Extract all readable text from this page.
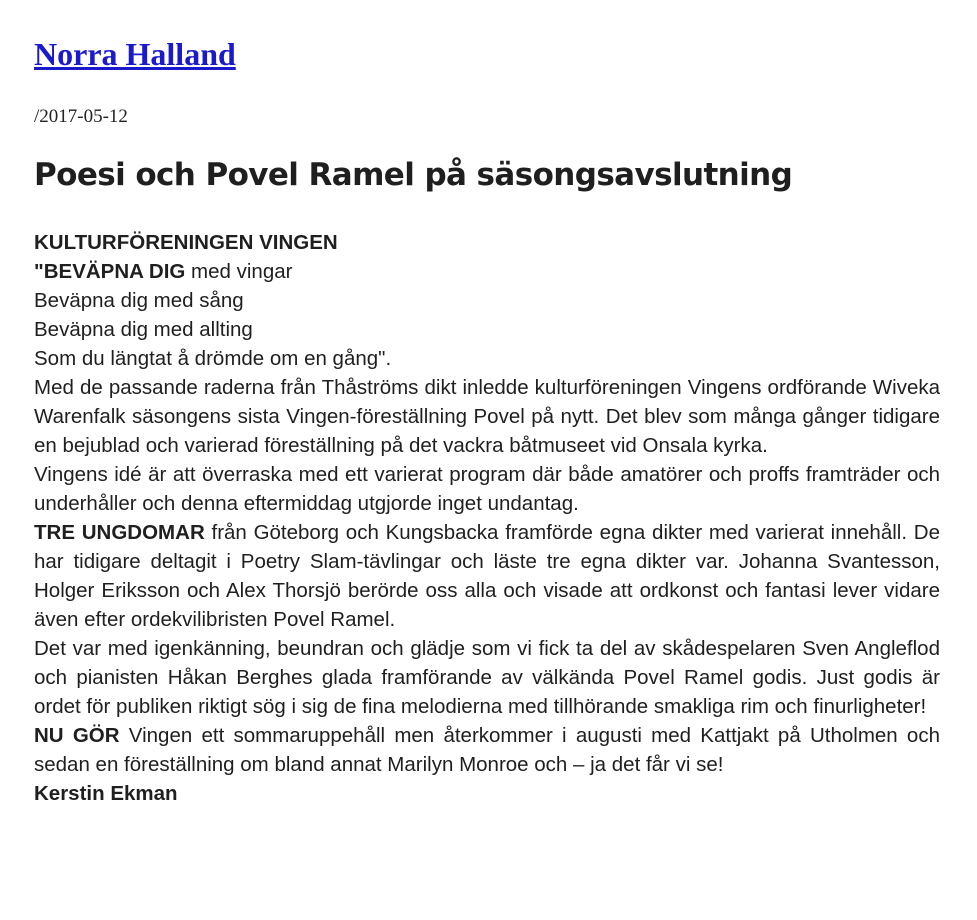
Norra Halland
/2017-05-12
Poesi och Povel Ramel på säsongsavslutning

KULTURFÖRENINGEN VINGEN

"BEVÄPNA DIG med vingar

Beväpna dig med sång

Beväpna dig med allting

Som du längtat å drömde om en gång".

Med de passande raderna från Thåströms dikt inledde kulturföreningen Vingens ordförande Wiveka Warenfalk säsongens sista Vingen-föreställning Povel på nytt. Det blev som många gånger tidigare en bejublad och varierad föreställning på det vackra båtmuseet vid Onsala kyrka.

Vingens idé är att överraska med ett varierat program där både amatörer och proffs framträder och underhåller och denna eftermiddag utgjorde inget undantag.

TRE UNGDOMAR från Göteborg och Kungsbacka framförde egna dikter med varierat innehåll. De har tidigare deltagit i Poetry Slam-tävlingar och läste tre egna dikter var. Johanna Svantesson, Holger Eriksson och Alex Thorsjö berörde oss alla och visade att ordkonst och fantasi lever vidare även efter ordekvilibristen Povel Ramel.

Det var med igenkänning, beundran och glädje som vi fick ta del av skådespelaren Sven Angleflod och pianisten Håkan Berghes glada framförande av välkända Povel Ramel godis. Just godis är ordet för publiken riktigt sög i sig de fina melodierna med tillhörande smakliga rim och finurligheter!

NU GÖR Vingen ett sommaruppehåll men återkommer i augusti med Kattjakt på Utholmen och sedan en föreställning om bland annat Marilyn Monroe och – ja det får vi se!

Kerstin Ekman
